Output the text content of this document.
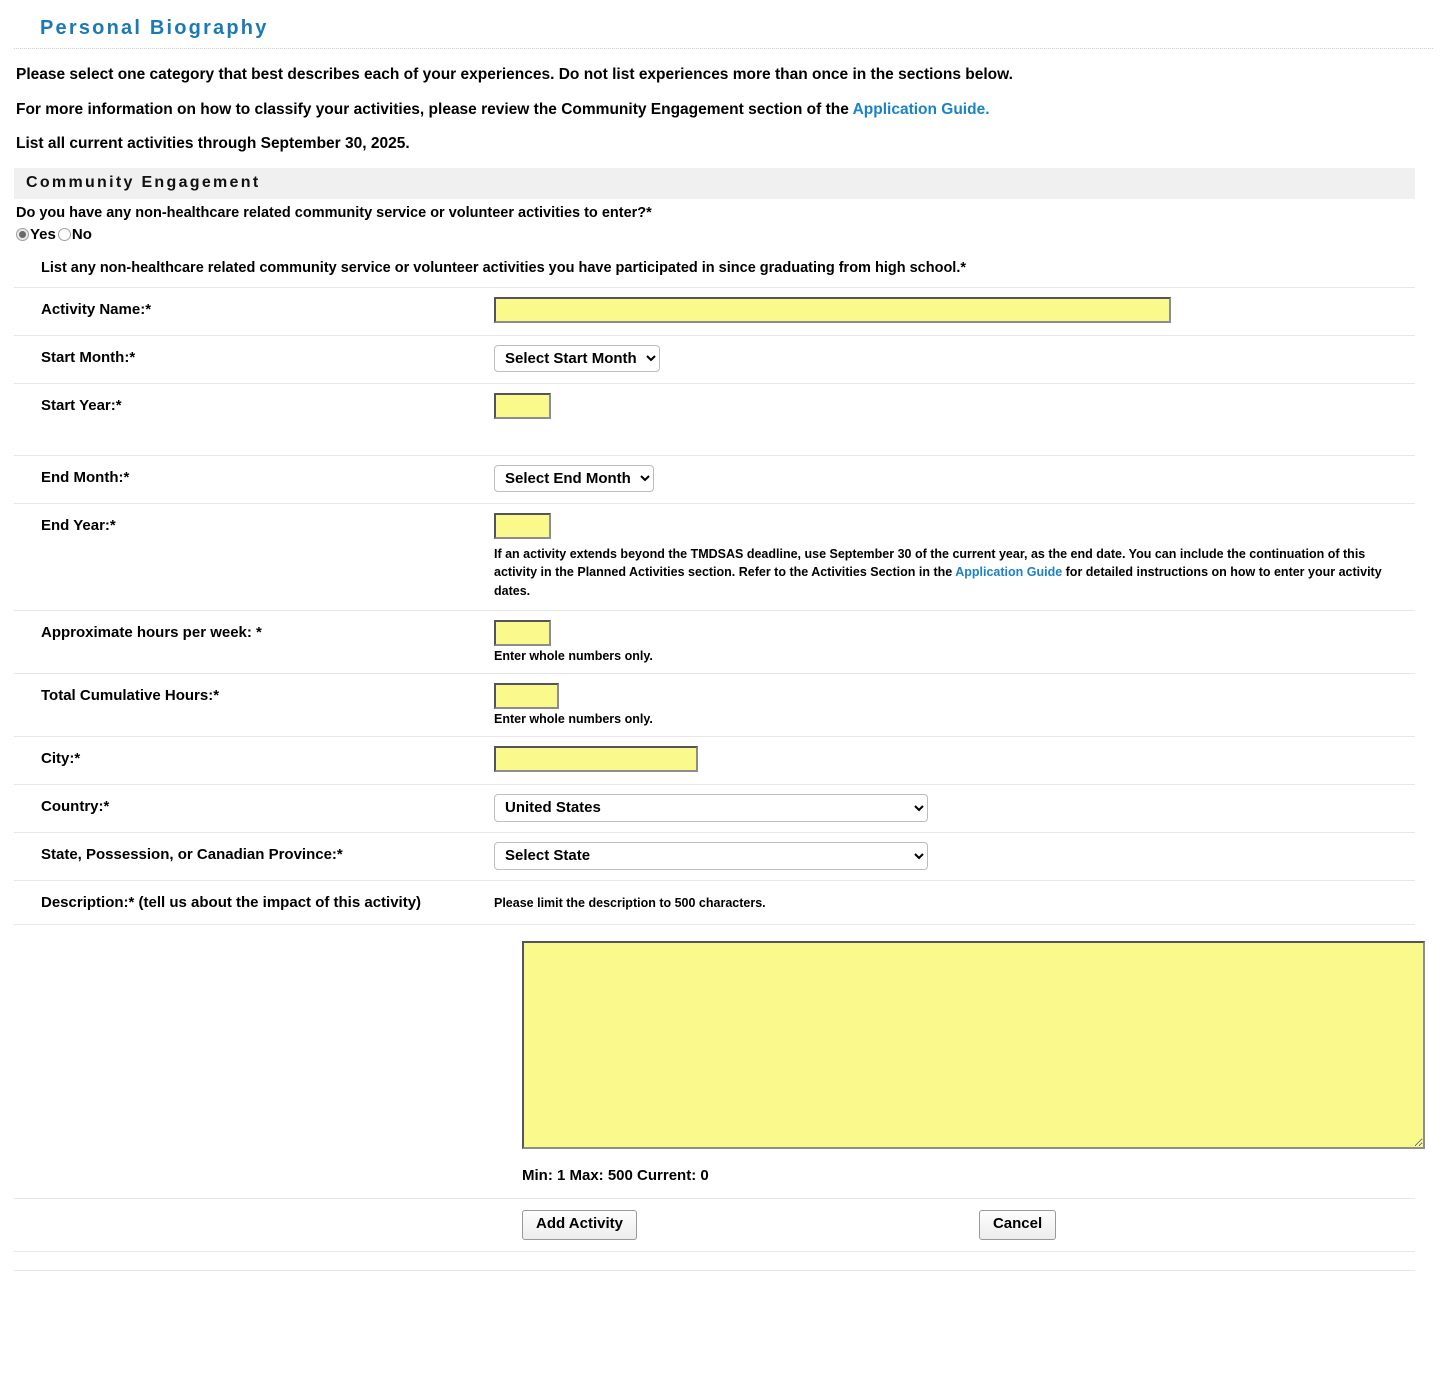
Personal Biography
Please select one category that best describes each of your experiences. Do not list experiences more than once in the sections below.
For more information on how to classify your activities, please review the Community Engagement section of the Application Guide.
List all current activities through September 30, 2025.
Community Engagement
Do you have any non-healthcare related community service or volunteer activities to enter?*
Yes No
List any non-healthcare related community service or volunteer activities you have participated in since graduating from high school.*
Activity Name:*
Start Month:*
Select Start Month
Start Year:*
End Month:*
Select End Month
End Year:*
If an activity extends beyond the TMDSAS deadline, use September 30 of the current year, as the end date. You can include the continuation of this activity in the Planned Activities section. Refer to the Activities Section in the Application Guide for detailed instructions on how to enter your activity dates.
Approximate hours per week: *
Enter whole numbers only.
Total Cumulative Hours:*
Enter whole numbers only.
City:*
Country:*
United States
State, Possession, or Canadian Province:*
Select State
Description:* (tell us about the impact of this activity)	Please limit the description to 500 characters.
Min: 1 Max: 500 Current: 0
Add Activity	Cancel
